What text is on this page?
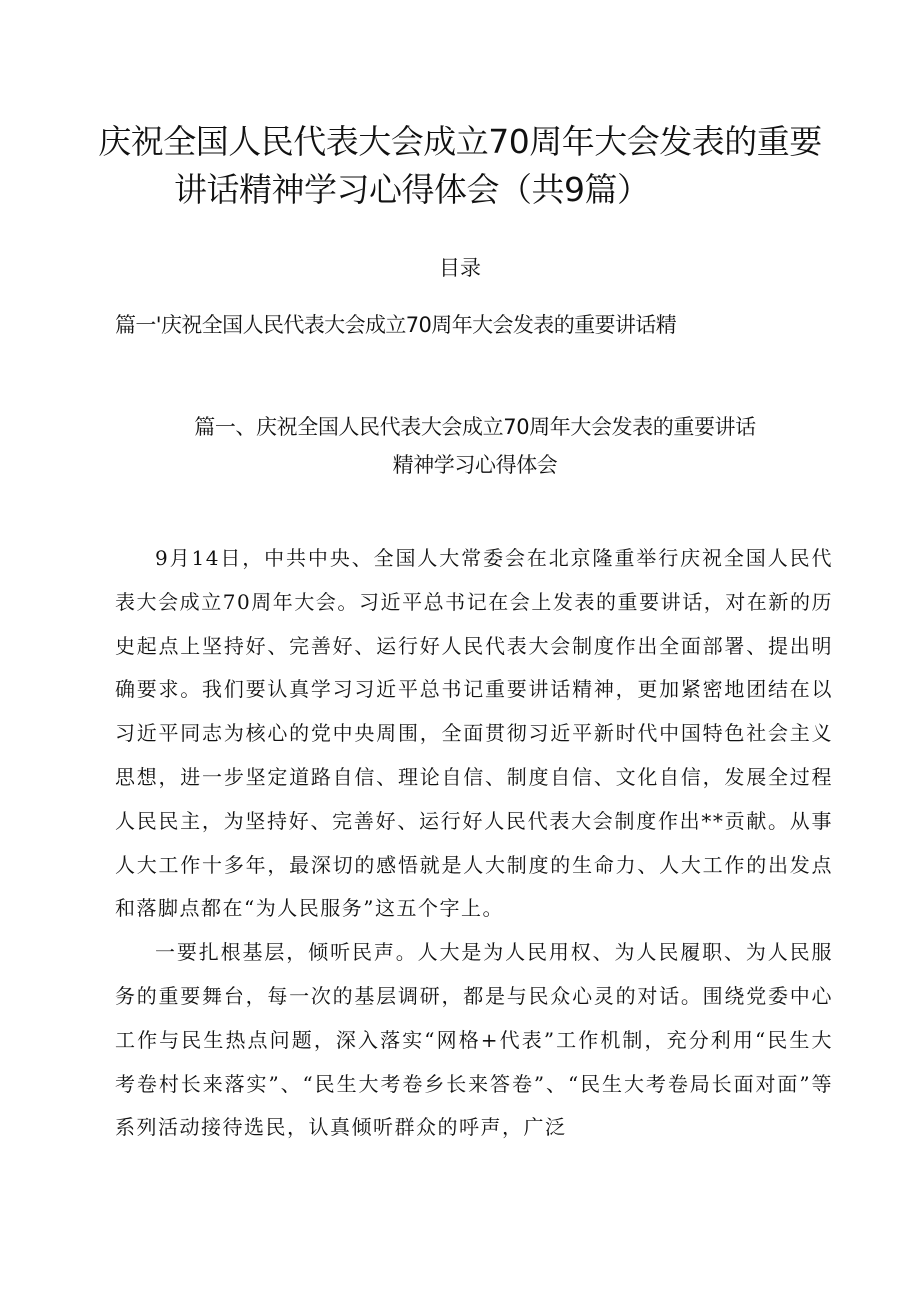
庆祝全国人民代表大会成立70周年大会发表的重要
讲话精神学习心得体会（共9篇）
目录
篇一'庆祝全国人民代表大会成立70周年大会发表的重要讲话精
篇一、庆祝全国人民代表大会成立70周年大会发表的重要讲话
精神学习心得体会

9月14日，中共中央、全国人大常委会在北京隆重举行庆祝全国人民代表大会成立70周年大会。习近平总书记在会上发表的重要讲话，对在新的历史起点上坚持好、完善好、运行好人民代表大会制度作出全面部署、提出明确要求。我们要认真学习习近平总书记重要讲话精神，更加紧密地团结在以习近平同志为核心的党中央周围，全面贯彻习近平新时代中国特色社会主义思想，进一步坚定道路自信、理论自信、制度自信、文化自信，发展全过程人民民主，为坚持好、完善好、运行好人民代表大会制度作出**贡献。从事人大工作十多年，最深切的感悟就是人大制度的生命力、人大工作的出发点和落脚点都在“为人民服务”这五个字上。

一要扎根基层，倾听民声。人大是为人民用权、为人民履职、为人民服务的重要舞台，每一次的基层调研，都是与民众心灵的对话。围绕党委中心工作与民生热点问题，深入落实“网格+代表”工作机制，充分利用“民生大考卷村长来落实”、“民生大考卷乡长来答卷”、“民生大考卷局长面对面”等系列活动接待选民，认真倾听群众的呼声，广泛
